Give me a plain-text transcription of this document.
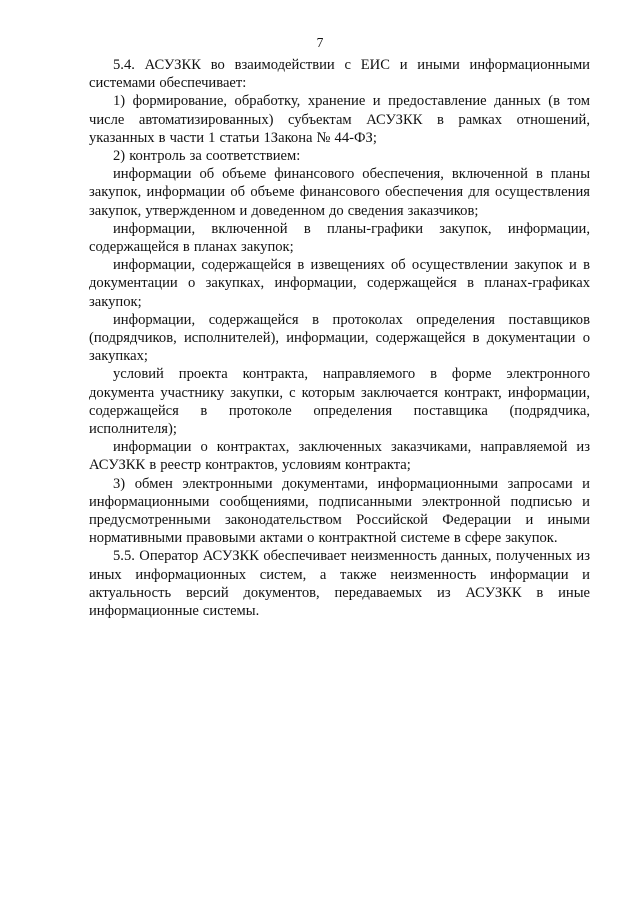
7

5.4. АСУЗКК во взаимодействии с ЕИС и иными информационными системами обеспечивает:

1) формирование, обработку, хранение и предоставление данных (в том числе автоматизированных) субъектам АСУЗКК в рамках отношений, указанных в части 1 статьи 1Закона № 44-ФЗ;

2) контроль за соответствием:

информации об объеме финансового обеспечения, включенной в планы закупок, информации об объеме финансового обеспечения для осуществления закупок, утвержденном и доведенном до сведения заказчиков;

информации, включенной в планы-графики закупок, информации, содержащейся в планах закупок;

информации, содержащейся в извещениях об осуществлении закупок и в документации о закупках, информации, содержащейся в планах-графиках закупок;

информации, содержащейся в протоколах определения поставщиков (подрядчиков, исполнителей), информации, содержащейся в документации о закупках;

условий проекта контракта, направляемого в форме электронного документа участнику закупки, с которым заключается контракт, информации, содержащейся в протоколе определения поставщика (подрядчика, исполнителя);

информации о контрактах, заключенных заказчиками, направляемой из АСУЗКК в реестр контрактов, условиям контракта;

3) обмен электронными документами, информационными запросами и информационными сообщениями, подписанными электронной подписью и предусмотренными законодательством Российской Федерации и иными нормативными правовыми актами о контрактной системе в сфере закупок.

5.5. Оператор АСУЗКК обеспечивает неизменность данных, полученных из иных информационных систем, а также неизменность информации и актуальность версий документов, передаваемых из АСУЗКК в иные информационные системы.
